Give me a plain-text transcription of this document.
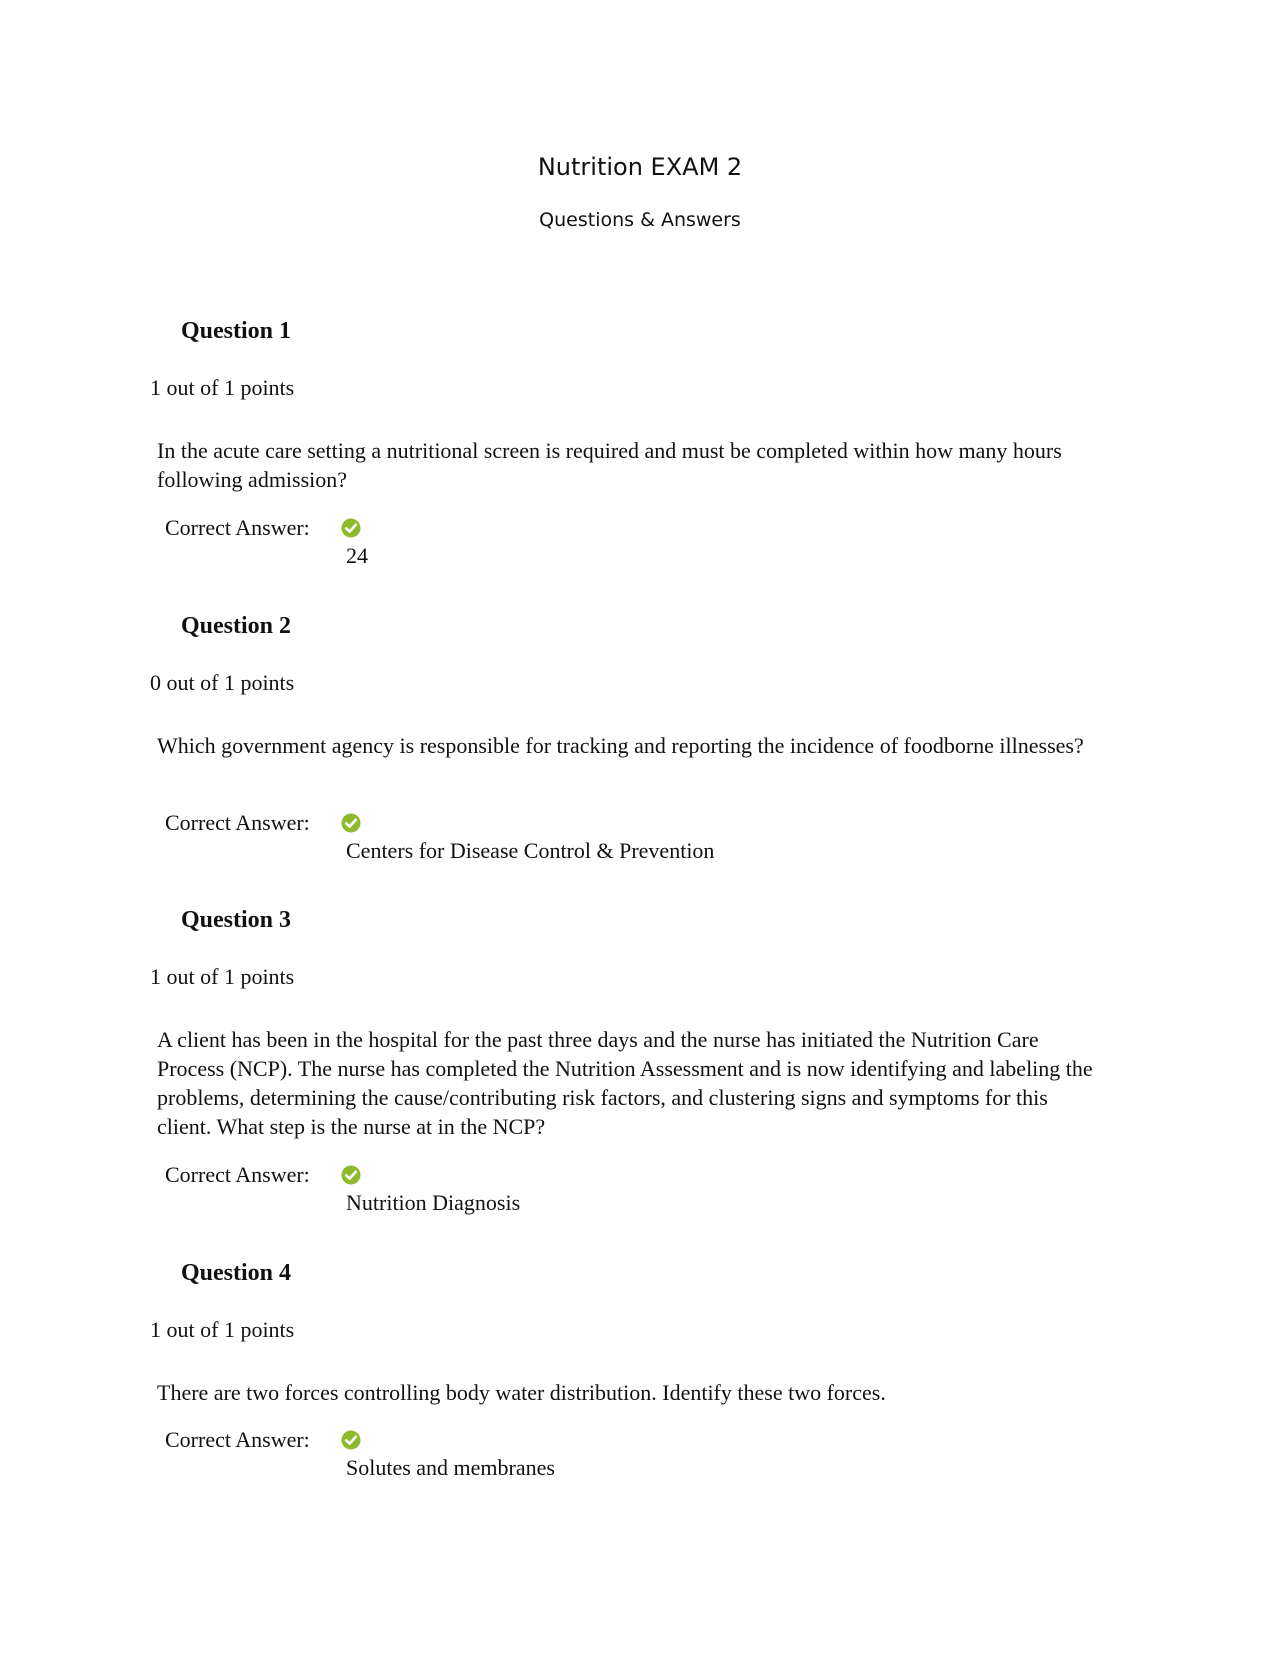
Nutrition EXAM 2
Questions & Answers
Question 1
1 out of 1 points
In the acute care setting a nutritional screen is required and must be completed within how many hours following admission?
Correct Answer:
24
Question 2
0 out of 1 points
Which government agency is responsible for tracking and reporting the incidence of foodborne illnesses?
Correct Answer:
Centers for Disease Control & Prevention
Question 3
1 out of 1 points
A client has been in the hospital for the past three days and the nurse has initiated the Nutrition Care Process (NCP). The nurse has completed the Nutrition Assessment and is now identifying and labeling the problems, determining the cause/contributing risk factors, and clustering signs and symptoms for this client. What step is the nurse at in the NCP?
Correct Answer:
Nutrition Diagnosis
Question 4
1 out of 1 points
There are two forces controlling body water distribution. Identify these two forces.
Correct Answer:
Solutes and membranes
